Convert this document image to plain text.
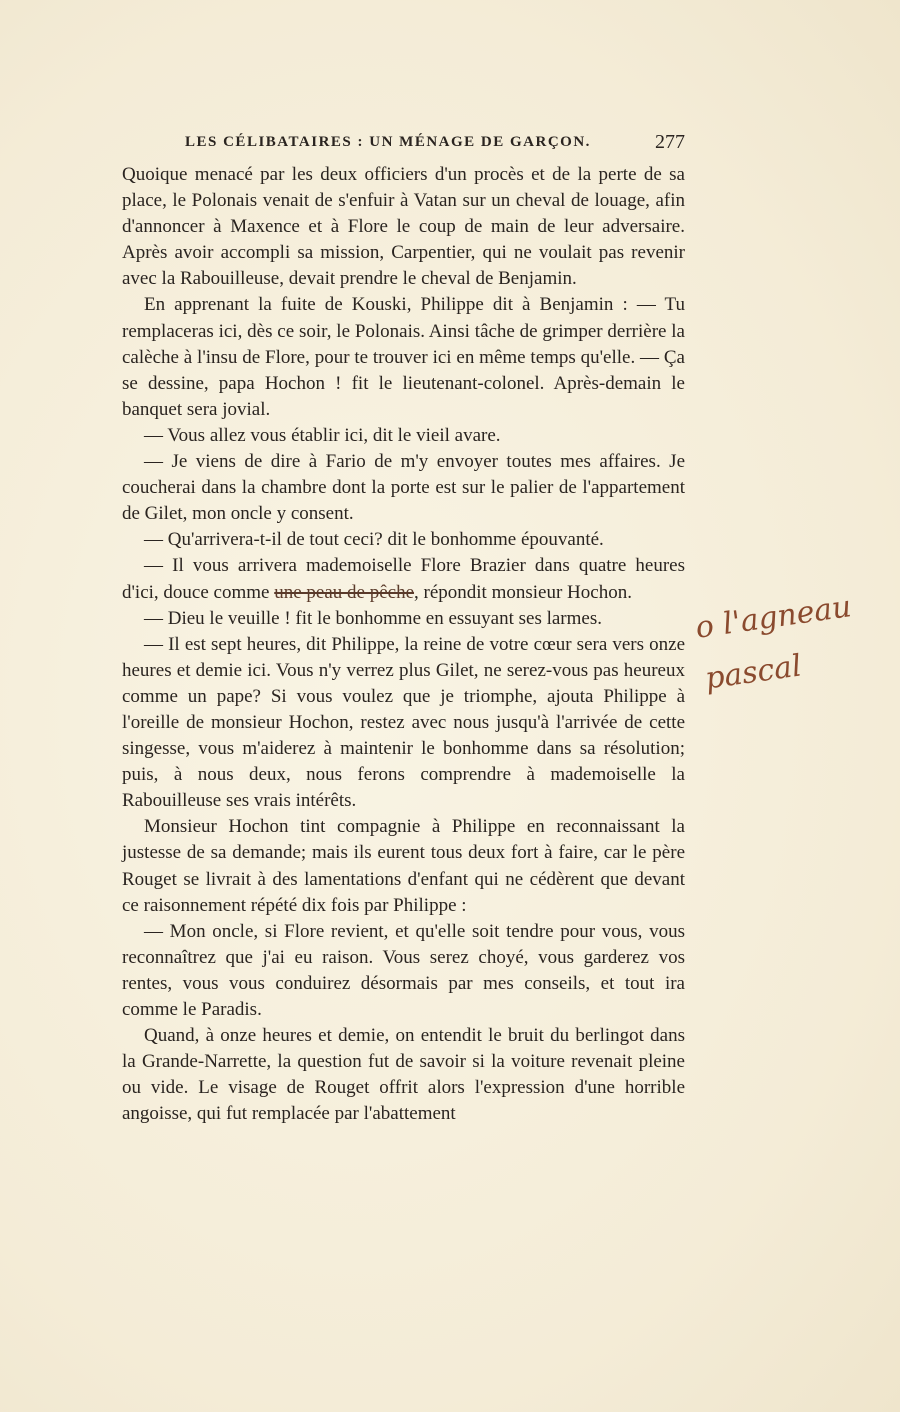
LES CÉLIBATAIRES : UN MÉNAGE DE GARÇON.	277

Quoique menacé par les deux officiers d'un procès et de la perte de sa place, le Polonais venait de s'enfuir à Vatan sur un cheval de louage, afin d'annoncer à Maxence et à Flore le coup de main de leur adversaire. Après avoir accompli sa mission, Carpentier, qui ne voulait pas revenir avec la Rabouilleuse, devait prendre le cheval de Benjamin.

En apprenant la fuite de Kouski, Philippe dit à Benjamin : — Tu remplaceras ici, dès ce soir, le Polonais. Ainsi tâche de grimper derrière la calèche à l'insu de Flore, pour te trouver ici en même temps qu'elle. — Ça se dessine, papa Hochon ! fit le lieutenant-colonel. Après-demain le banquet sera jovial.

— Vous allez vous établir ici, dit le vieil avare.

— Je viens de dire à Fario de m'y envoyer toutes mes affaires. Je coucherai dans la chambre dont la porte est sur le palier de l'appartement de Gilet, mon oncle y consent.

— Qu'arrivera-t-il de tout ceci? dit le bonhomme épouvanté.

— Il vous arrivera mademoiselle Flore Brazier dans quatre heures d'ici, douce comme une peau de pêche, répondit monsieur Hochon.

— Dieu le veuille ! fit le bonhomme en essuyant ses larmes.

— Il est sept heures, dit Philippe, la reine de votre cœur sera vers onze heures et demie ici. Vous n'y verrez plus Gilet, ne serez-vous pas heureux comme un pape? Si vous voulez que je triomphe, ajouta Philippe à l'oreille de monsieur Hochon, restez avec nous jusqu'à l'arrivée de cette singesse, vous m'aiderez à maintenir le bonhomme dans sa résolution; puis, à nous deux, nous ferons comprendre à mademoiselle la Rabouilleuse ses vrais intérêts.

Monsieur Hochon tint compagnie à Philippe en reconnaissant la justesse de sa demande; mais ils eurent tous deux fort à faire, car le père Rouget se livrait à des lamentations d'enfant qui ne cédèrent que devant ce raisonnement répété dix fois par Philippe :

— Mon oncle, si Flore revient, et qu'elle soit tendre pour vous, vous reconnaîtrez que j'ai eu raison. Vous serez choyé, vous garderez vos rentes, vous vous conduirez désormais par mes conseils, et tout ira comme le Paradis.

Quand, à onze heures et demie, on entendit le bruit du berlingot dans la Grande-Narrette, la question fut de savoir si la voiture revenait pleine ou vide. Le visage de Rouget offrit alors l'expression d'une horrible angoisse, qui fut remplacée par l'abattement

o l'agneau
pascal
